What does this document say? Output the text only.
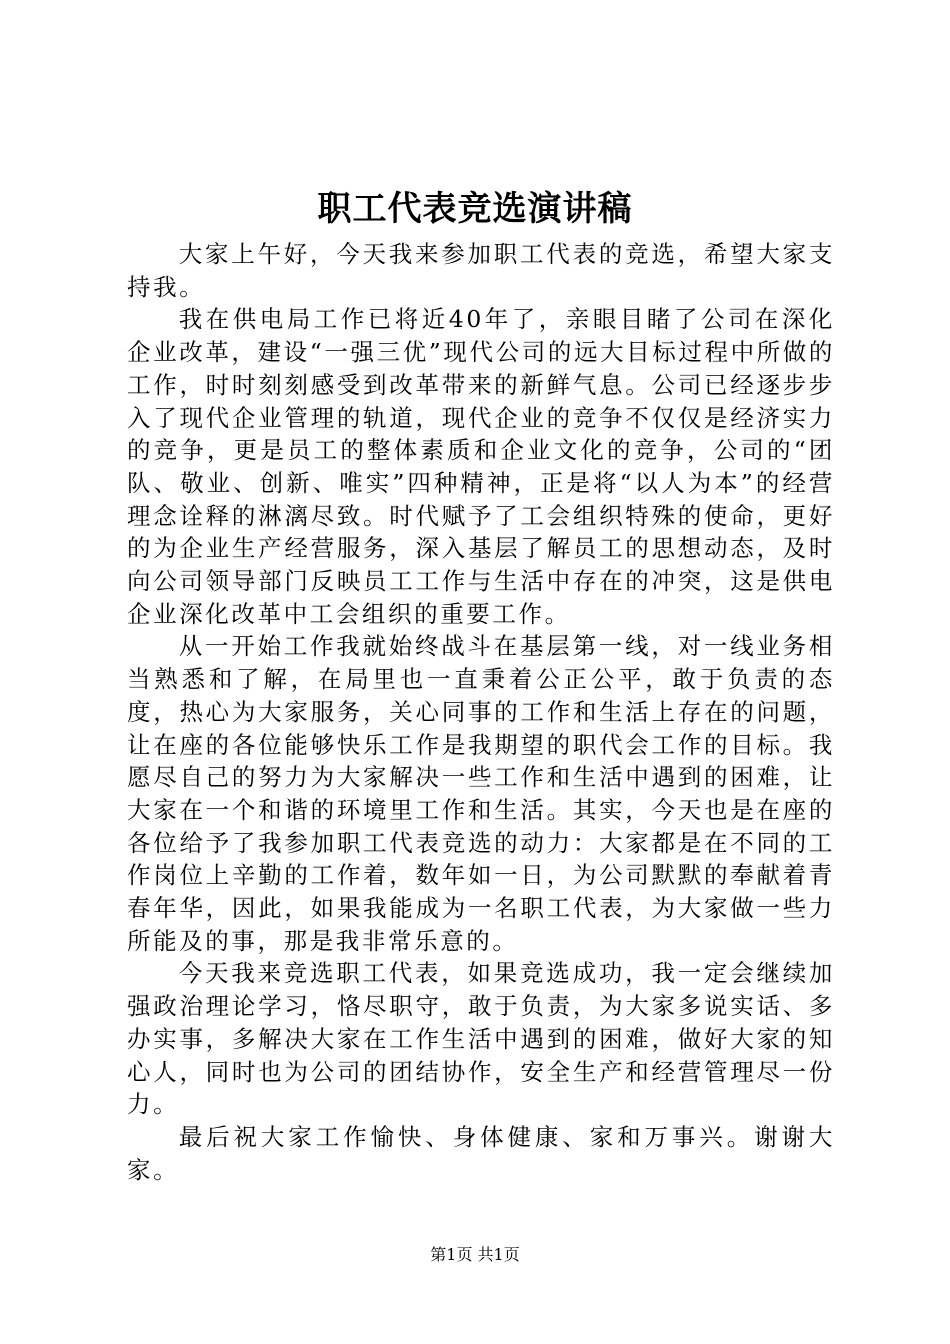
职工代表竞选演讲稿

大家上午好，今天我来参加职工代表的竞选，希望大家支持我。

我在供电局工作已将近40年了，亲眼目睹了公司在深化企业改革，建设“一强三优”现代公司的远大目标过程中所做的工作，时时刻刻感受到改革带来的新鲜气息。公司已经逐步步入了现代企业管理的轨道，现代企业的竞争不仅仅是经济实力的竞争，更是员工的整体素质和企业文化的竞争，公司的“团队、敬业、创新、唯实”四种精神，正是将“以人为本”的经营理念诠释的淋漓尽致。时代赋予了工会组织特殊的使命，更好的为企业生产经营服务，深入基层了解员工的思想动态，及时向公司领导部门反映员工工作与生活中存在的冲突，这是供电企业深化改革中工会组织的重要工作。

从一开始工作我就始终战斗在基层第一线，对一线业务相当熟悉和了解，在局里也一直秉着公正公平，敢于负责的态度，热心为大家服务，关心同事的工作和生活上存在的问题，让在座的各位能够快乐工作是我期望的职代会工作的目标。我愿尽自己的努力为大家解决一些工作和生活中遇到的困难，让大家在一个和谐的环境里工作和生活。其实，今天也是在座的各位给予了我参加职工代表竞选的动力：大家都是在不同的工作岗位上辛勤的工作着，数年如一日，为公司默默的奉献着青春年华，因此，如果我能成为一名职工代表，为大家做一些力所能及的事，那是我非常乐意的。

今天我来竞选职工代表，如果竞选成功，我一定会继续加强政治理论学习，恪尽职守，敢于负责，为大家多说实话、多办实事，多解决大家在工作生活中遇到的困难，做好大家的知心人，同时也为公司的团结协作，安全生产和经营管理尽一份力。

最后祝大家工作愉快、身体健康、家和万事兴。谢谢大家。

第1页 共1页
